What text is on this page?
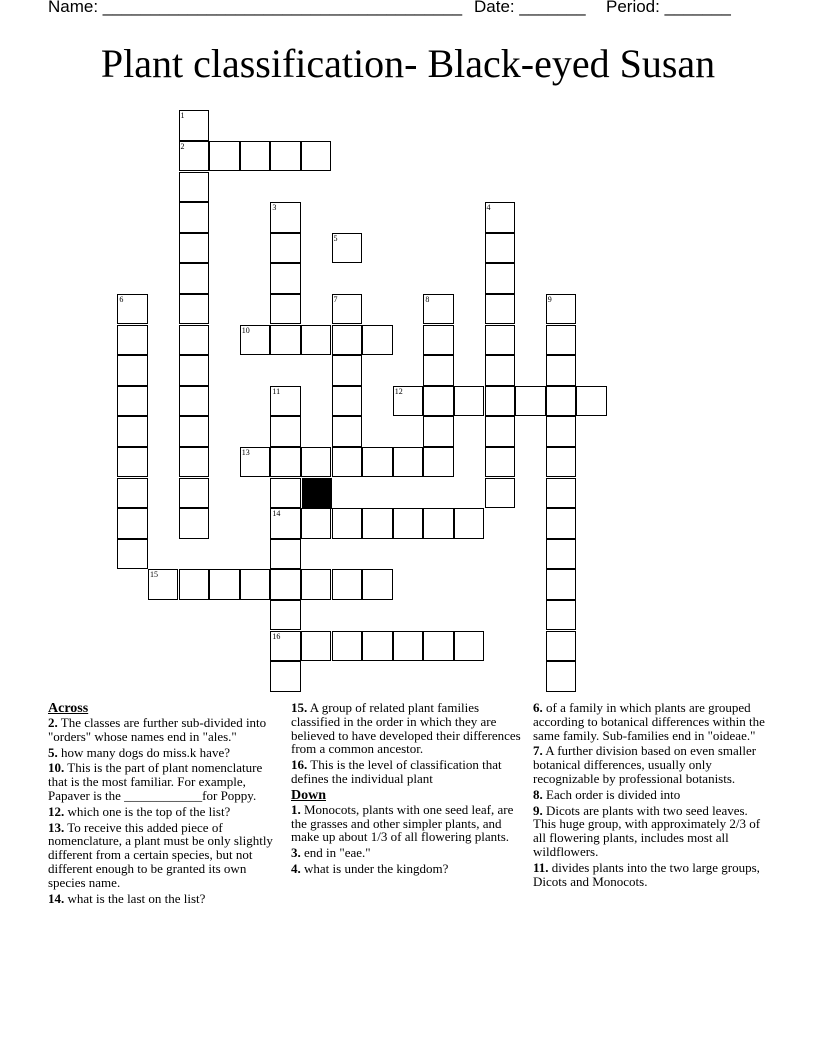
Name: ______________________________________ Date: _______ Period: _______
Plant classification- Black-eyed Susan
1
2
3	4
5
6	7	8	9
10
11
14
16
12
13
15
Across
2. The classes are further sub-divided into "orders" whose names end in "ales."
5. how many dogs do miss.k have?
10. This is the part of plant nomenclature that is the most familiar. For example, Papaver is the ____________for Poppy.
12. which one is the top of the list?
13. To receive this added piece of nomenclature, a plant must be only slightly different from a certain species, but not different enough to be granted its own species name.
14. what is the last on the list?
15. A group of related plant families classified in the order in which they are believed to have developed their differences from a common ancestor.
16. This is the level of classification that defines the individual plant
Down
1. Monocots, plants with one seed leaf, are the grasses and other simpler plants, and make up about 1/3 of all flowering plants.
3. end in "eae."
4. what is under the kingdom?
6. of a family in which plants are grouped according to botanical differences within the same family. Sub-families end in "oideae."
7. A further division based on even smaller botanical differences, usually only recognizable by professional botanists.
8. Each order is divided into
9. Dicots are plants with two seed leaves. This huge group, with approximately 2/3 of all flowering plants, includes most all wildflowers.
11. divides plants into the two large groups, Dicots and Monocots.
